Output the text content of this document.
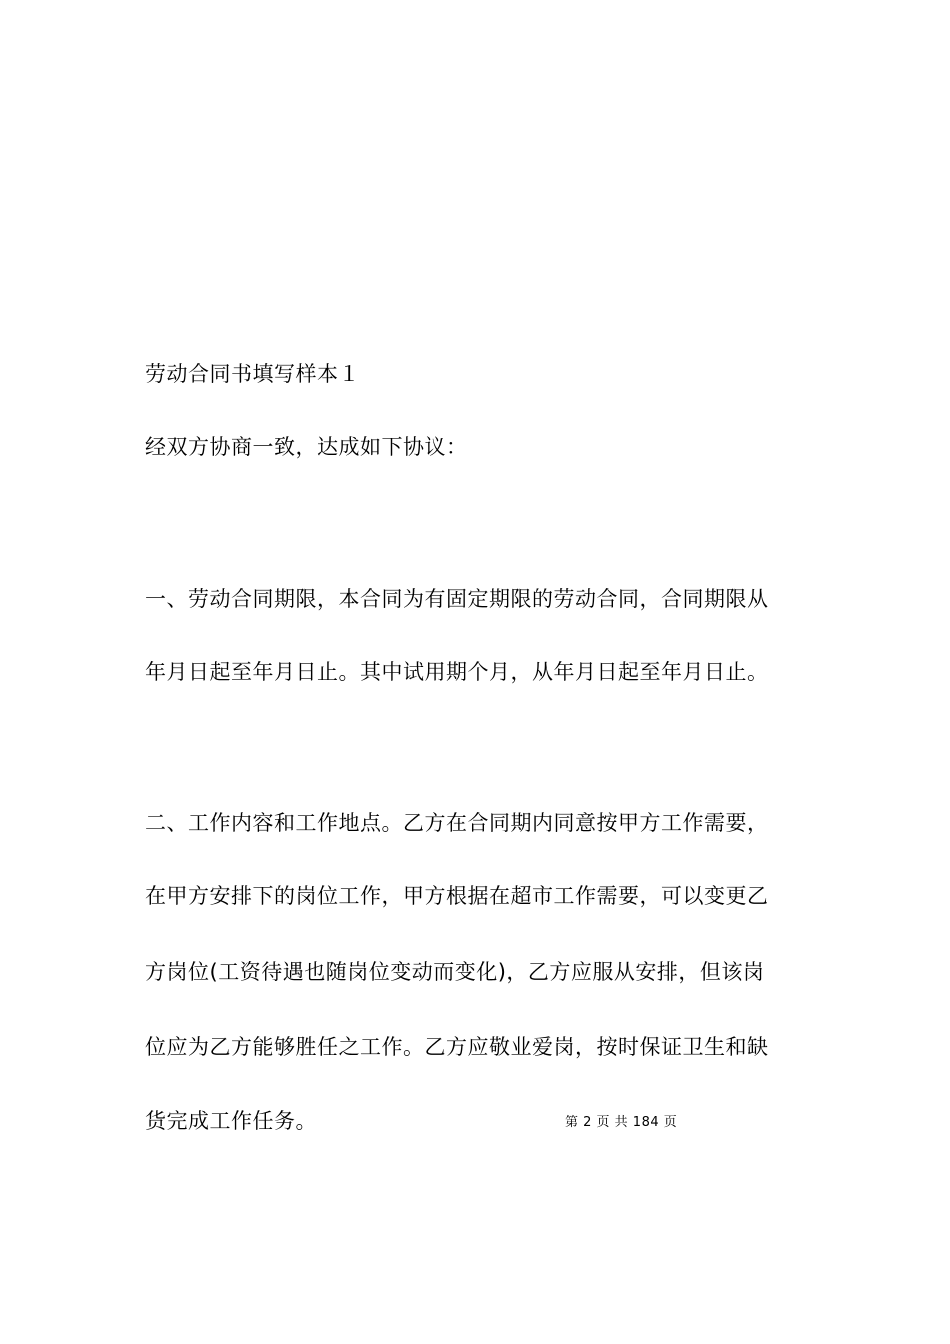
劳动合同书填写样本１
经双方协商一致，达成如下协议：
一、劳动合同期限，本合同为有固定期限的劳动合同，合同期限从
年月日起至年月日止。其中试用期个月，从年月日起至年月日止。
二、工作内容和工作地点。乙方在合同期内同意按甲方工作需要，
在甲方安排下的岗位工作，甲方根据在超市工作需要，可以变更乙
方岗位(工资待遇也随岗位变动而变化)，乙方应服从安排，但该岗
位应为乙方能够胜任之工作。乙方应敬业爱岗，按时保证卫生和缺
货完成工作任务。	第 2 页 共 184 页
